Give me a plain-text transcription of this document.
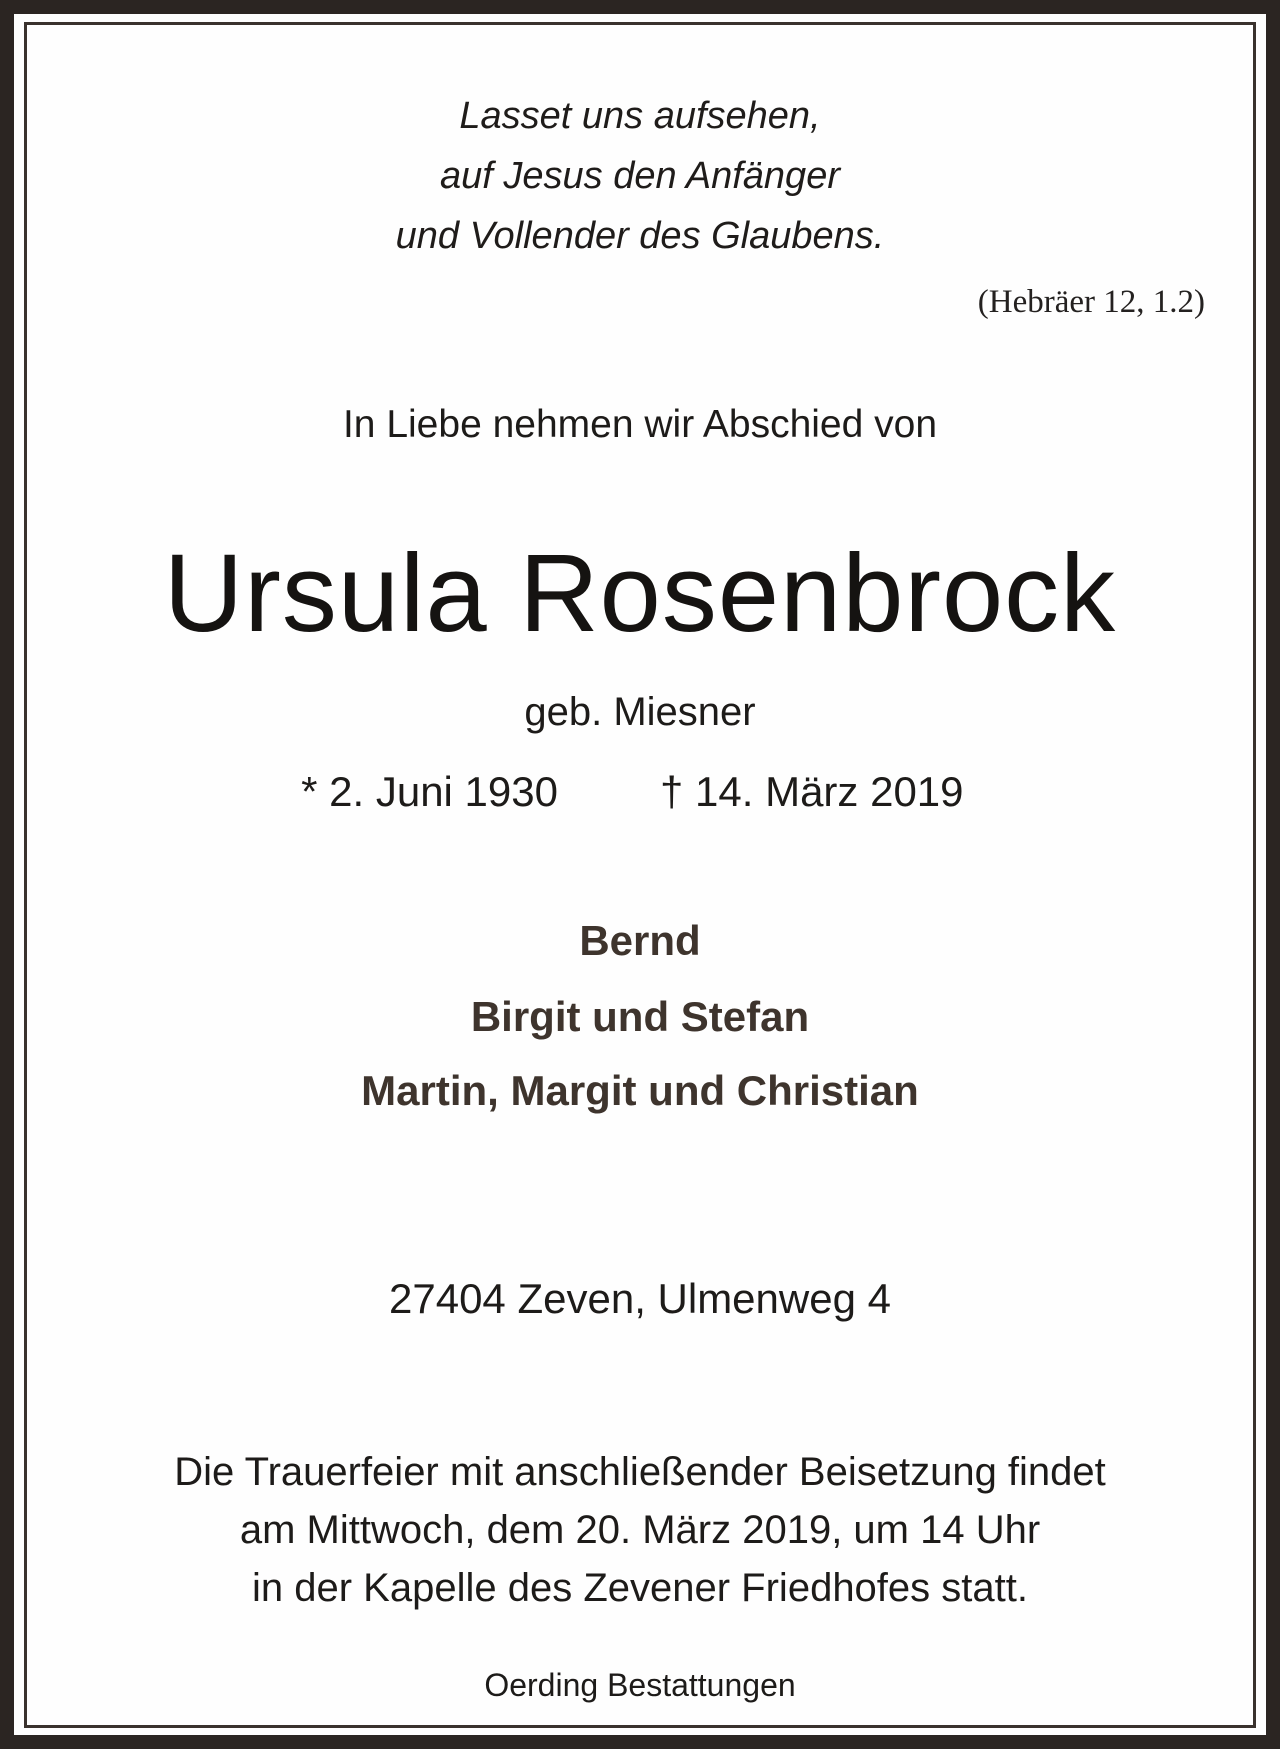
Lasset uns aufsehen,
auf Jesus den Anfänger
und Vollender des Glaubens.
(Hebräer 12, 1.2)
In Liebe nehmen wir Abschied von
Ursula Rosenbrock
geb. Miesner
* 2. Juni 1930 † 14. März 2019
Bernd
Birgit und Stefan
Martin, Margit und Christian
27404 Zeven, Ulmenweg 4
Die Trauerfeier mit anschließender Beisetzung findet
am Mittwoch, dem 20. März 2019, um 14 Uhr
in der Kapelle des Zevener Friedhofes statt.
Oerding Bestattungen
